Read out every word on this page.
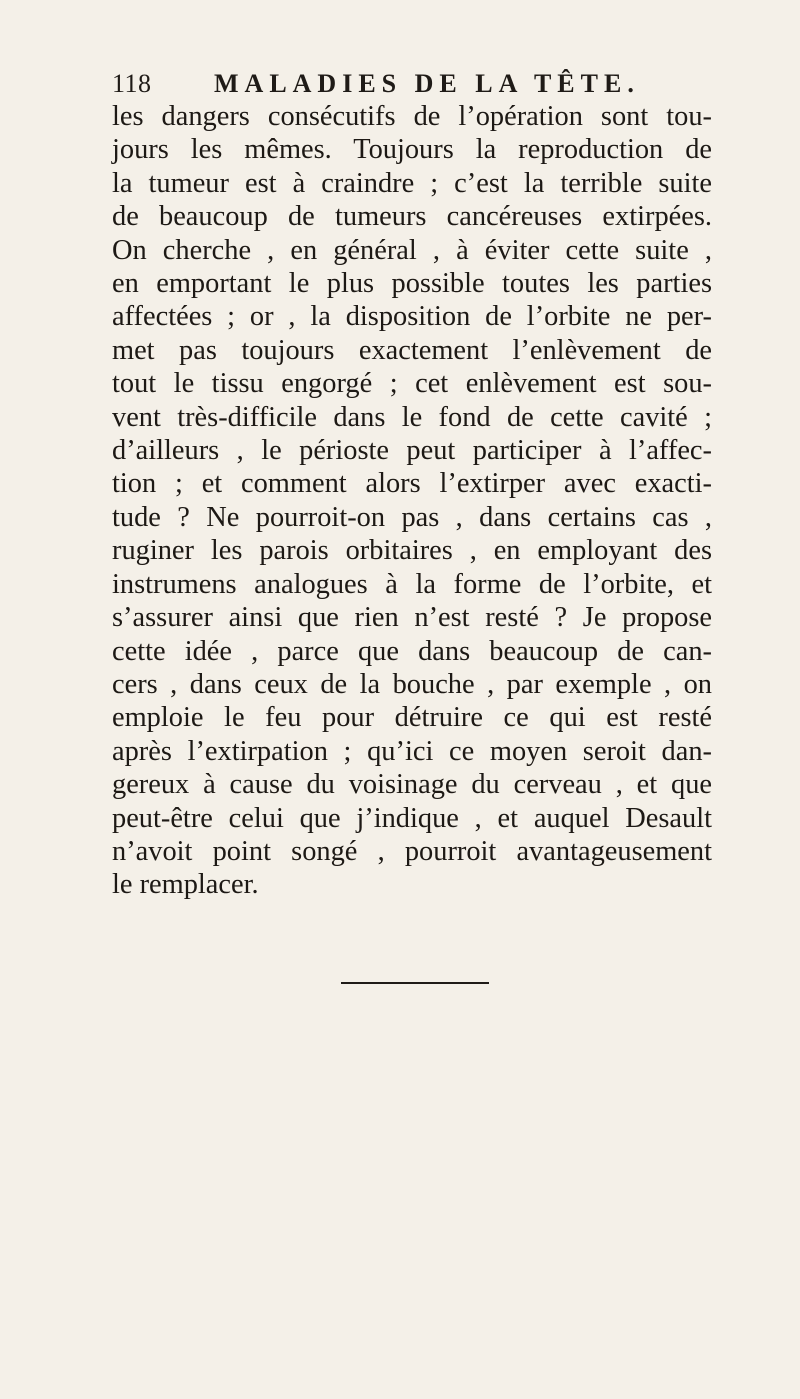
118 MALADIES DE LA TÊTE.
les dangers consécutifs de l’opération sont tou-
jours les mêmes. Toujours la reproduction de
la tumeur est à craindre ; c’est la terrible suite
de beaucoup de tumeurs cancéreuses extirpées.
On cherche , en général , à éviter cette suite ,
en emportant le plus possible toutes les parties
affectées ; or , la disposition de l’orbite ne per-
met pas toujours exactement l’enlèvement de
tout le tissu engorgé ; cet enlèvement est sou-
vent très-difficile dans le fond de cette cavité ;
d’ailleurs , le périoste peut participer à l’affec-
tion ; et comment alors l’extirper avec exacti-
tude ? Ne pourroit-on pas , dans certains cas ,
ruginer les parois orbitaires , en employant des
instrumens analogues à la forme de l’orbite, et
s’assurer ainsi que rien n’est resté ? Je propose
cette idée , parce que dans beaucoup de can-
cers , dans ceux de la bouche , par exemple , on
emploie le feu pour détruire ce qui est resté
après l’extirpation ; qu’ici ce moyen seroit dan-
gereux à cause du voisinage du cerveau , et que
peut-être celui que j’indique , et auquel Desault
n’avoit point songé , pourroit avantageusement
le remplacer.
